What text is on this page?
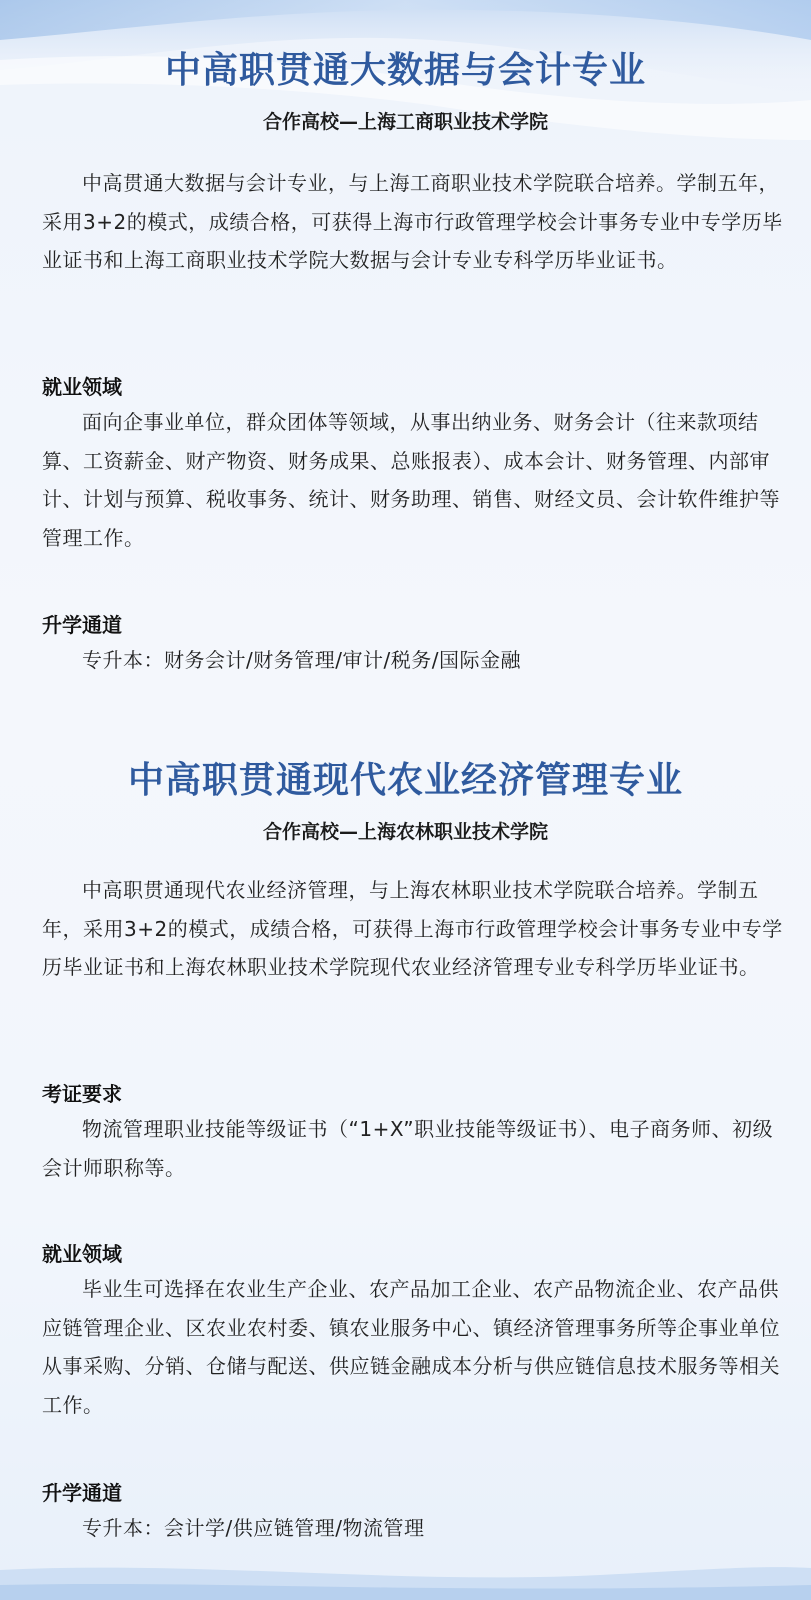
中高职贯通大数据与会计专业

合作高校—上海工商职业技术学院

中高贯通大数据与会计专业，与上海工商职业技术学院联合培养。学制五年，采用3+2的模式，成绩合格，可获得上海市行政管理学校会计事务专业中专学历毕业证书和上海工商职业技术学院大数据与会计专业专科学历毕业证书。

就业领域

面向企事业单位，群众团体等领域，从事出纳业务、财务会计（往来款项结算、工资薪金、财产物资、财务成果、总账报表）、成本会计、财务管理、内部审计、计划与预算、税收事务、统计、财务助理、销售、财经文员、会计软件维护等管理工作。

升学通道

专升本：财务会计/财务管理/审计/税务/国际金融

中高职贯通现代农业经济管理专业

合作高校—上海农林职业技术学院

中高职贯通现代农业经济管理，与上海农林职业技术学院联合培养。学制五年，采用3+2的模式，成绩合格，可获得上海市行政管理学校会计事务专业中专学历毕业证书和上海农林职业技术学院现代农业经济管理专业专科学历毕业证书。

考证要求

物流管理职业技能等级证书（“1+X”职业技能等级证书）、电子商务师、初级会计师职称等。

就业领域

毕业生可选择在农业生产企业、农产品加工企业、农产品物流企业、农产品供应链管理企业、区农业农村委、镇农业服务中心、镇经济管理事务所等企事业单位从事采购、分销、仓储与配送、供应链金融成本分析与供应链信息技术服务等相关工作。

升学通道

专升本：会计学/供应链管理/物流管理
